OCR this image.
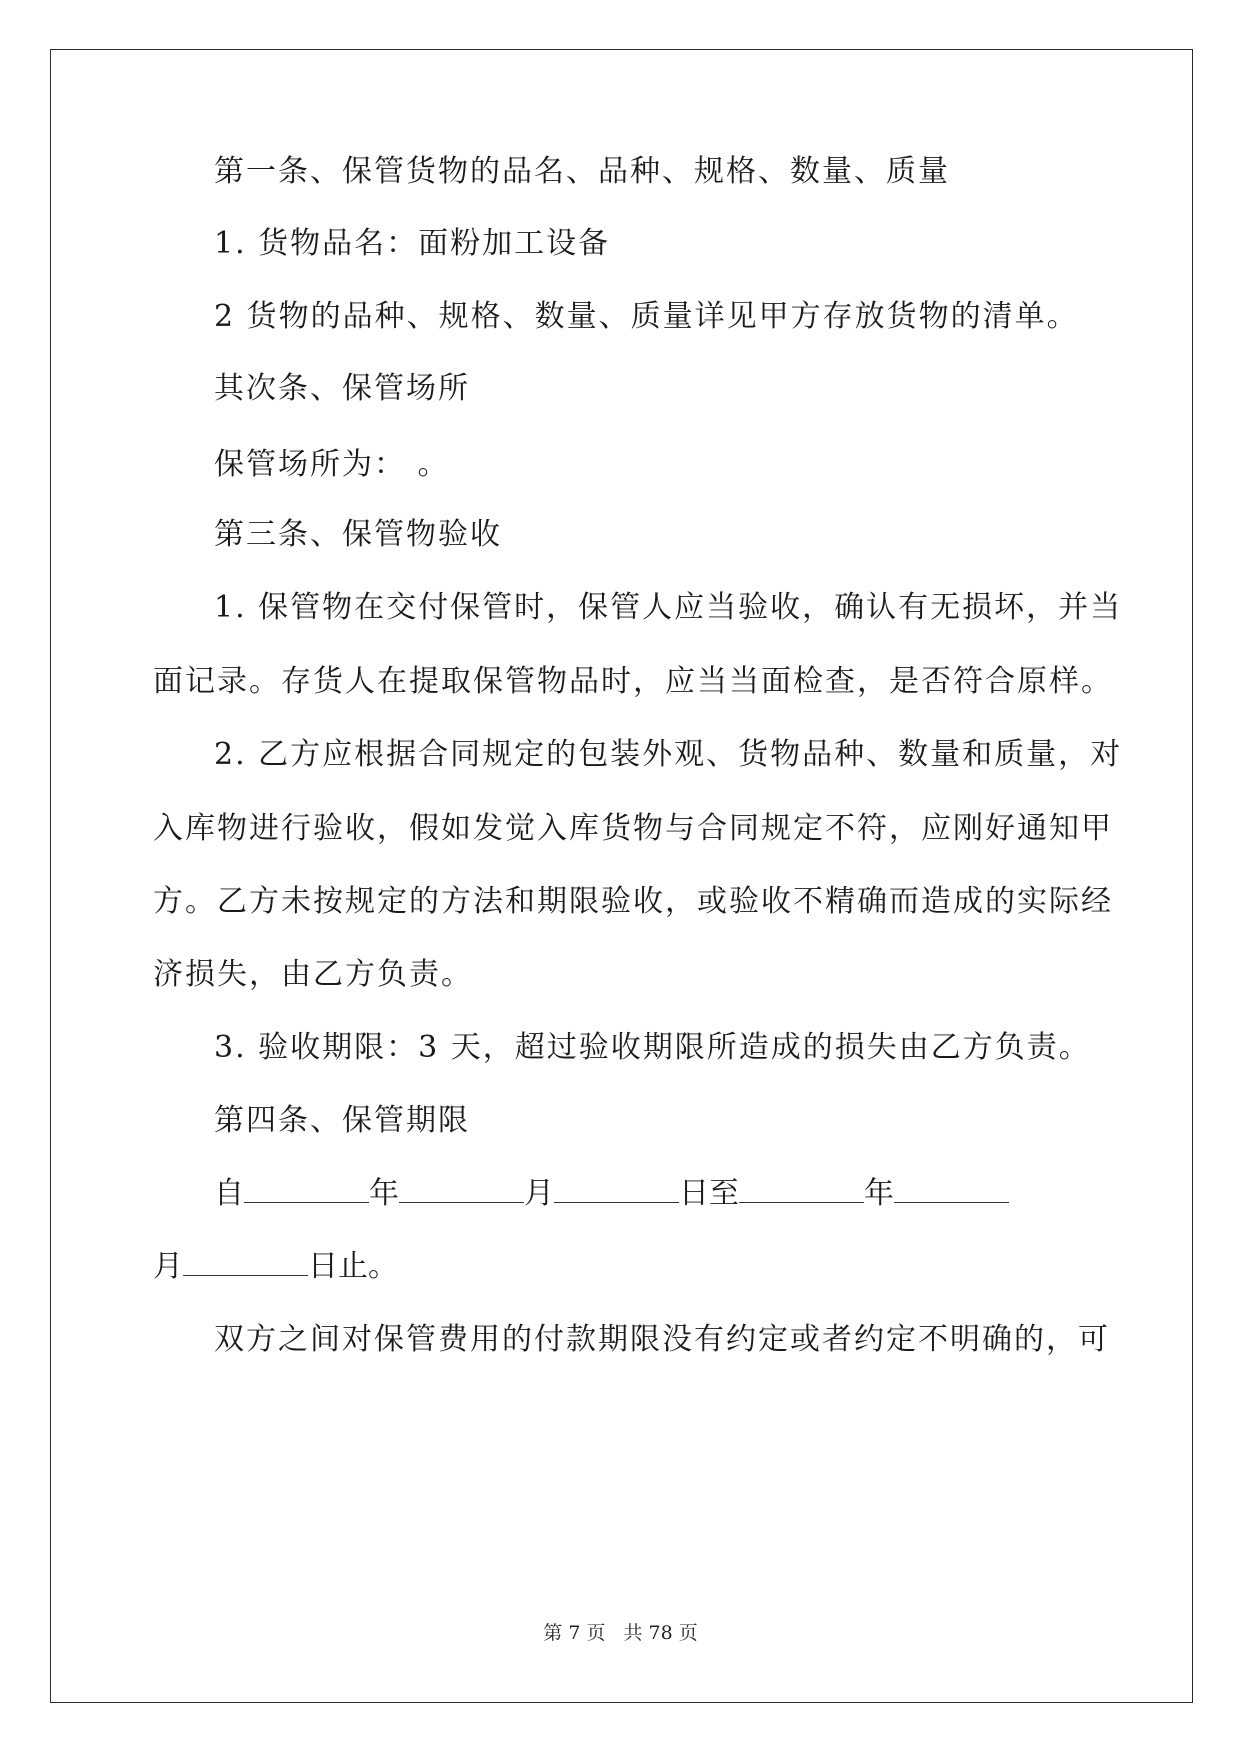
第一条、保管货物的品名、品种、规格、数量、质量
1. 货物品名：面粉加工设备
2 货物的品种、规格、数量、质量详见甲方存放货物的清单。
其次条、保管场所
保管场所为： 。
第三条、保管物验收
1. 保管物在交付保管时，保管人应当验收，确认有无损坏，并当
面记录。存货人在提取保管物品时，应当当面检查，是否符合原样。
2. 乙方应根据合同规定的包装外观、货物品种、数量和质量，对
入库物进行验收，假如发觉入库货物与合同规定不符，应刚好通知甲
方。乙方未按规定的方法和期限验收，或验收不精确而造成的实际经
济损失，由乙方负责。
3. 验收期限：3 天，超过验收期限所造成的损失由乙方负责。
第四条、保管期限
自	年	月	日至	年
月	日止。
双方之间对保管费用的付款期限没有约定或者约定不明确的，可
第 7 页 共 78 页
